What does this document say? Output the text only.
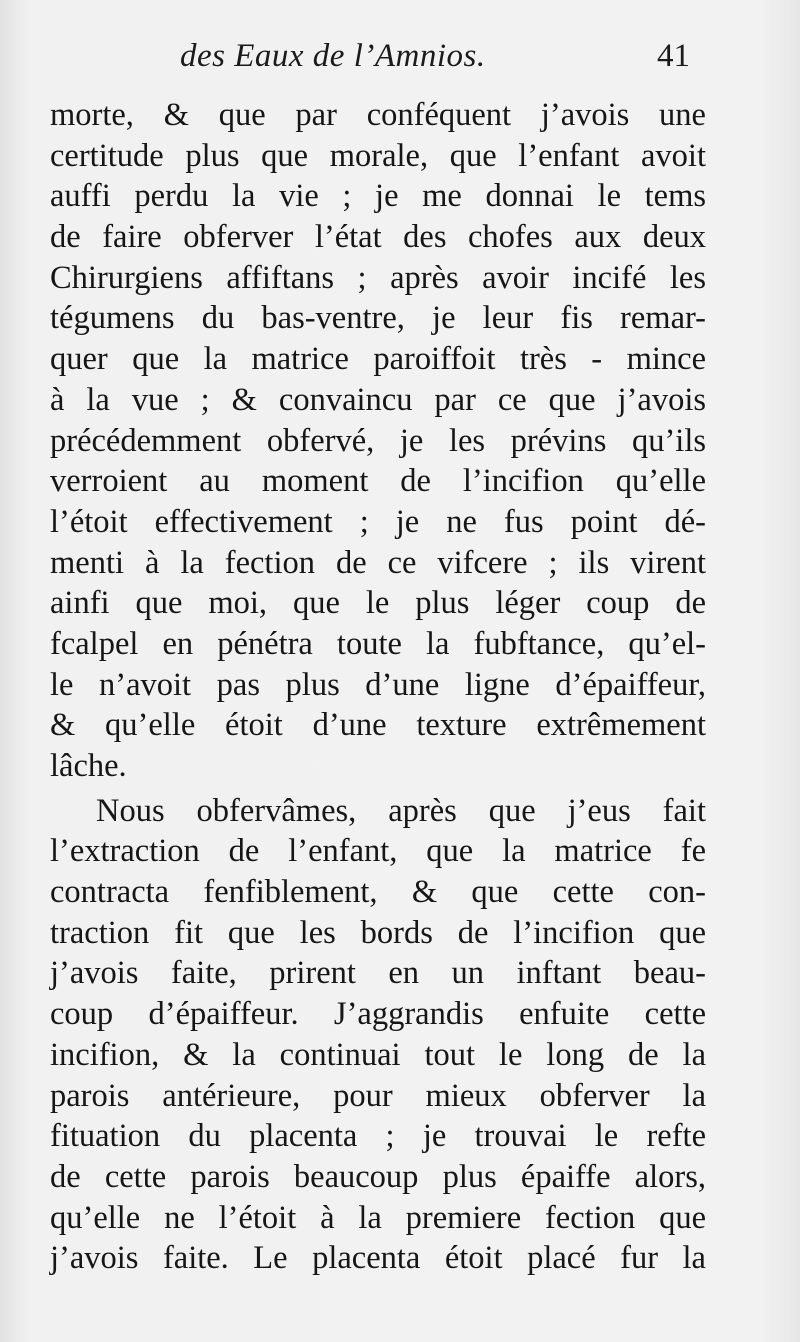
des Eaux de l’Amnios.	41
morte, & que par conféquent j’avois une
certitude plus que morale, que l’enfant avoit
auffi perdu la vie ; je me donnai le tems
de faire obferver l’état des chofes aux deux
Chirurgiens affiftans ; après avoir incifé les
tégumens du bas-ventre, je leur fis remar-
quer que la matrice paroiffoit très - mince
à la vue ; & convaincu par ce que j’avois
précédemment obfervé, je les prévins qu’ils
verroient au moment de l’incifion qu’elle
l’étoit effectivement ; je ne fus point dé-
menti à la fection de ce vifcere ; ils virent
ainfi que moi, que le plus léger coup de
fcalpel en pénétra toute la fubftance, qu’el-
le n’avoit pas plus d’une ligne d’épaiffeur,
& qu’elle étoit d’une texture extrêmement
lâche.
Nous obfervâmes, après que j’eus fait
l’extraction de l’enfant, que la matrice fe
contracta fenfiblement, & que cette con-
traction fit que les bords de l’incifion que
j’avois faite, prirent en un inftant beau-
coup d’épaiffeur. J’aggrandis enfuite cette
incifion, & la continuai tout le long de la
parois antérieure, pour mieux obferver la
fituation du placenta ; je trouvai le refte
de cette parois beaucoup plus épaiffe alors,
qu’elle ne l’étoit à la premiere fection que
j’avois faite. Le placenta étoit placé fur la
